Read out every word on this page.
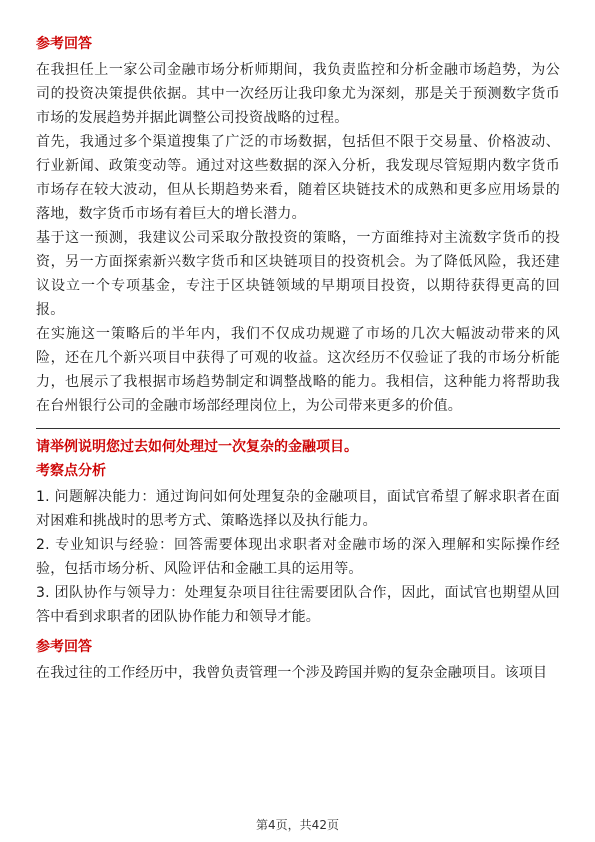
参考回答

在我担任上一家公司金融市场分析师期间，我负责监控和分析金融市场趋势，为公司的投资决策提供依据。其中一次经历让我印象尤为深刻，那是关于预测数字货币市场的发展趋势并据此调整公司投资战略的过程。

首先，我通过多个渠道搜集了广泛的市场数据，包括但不限于交易量、价格波动、行业新闻、政策变动等。通过对这些数据的深入分析，我发现尽管短期内数字货币市场存在较大波动，但从长期趋势来看，随着区块链技术的成熟和更多应用场景的落地，数字货币市场有着巨大的增长潜力。

基于这一预测，我建议公司采取分散投资的策略，一方面维持对主流数字货币的投资，另一方面探索新兴数字货币和区块链项目的投资机会。为了降低风险，我还建议设立一个专项基金，专注于区块链领域的早期项目投资，以期待获得更高的回报。

在实施这一策略后的半年内，我们不仅成功规避了市场的几次大幅波动带来的风险，还在几个新兴项目中获得了可观的收益。这次经历不仅验证了我的市场分析能力，也展示了我根据市场趋势制定和调整战略的能力。我相信，这种能力将帮助我在台州银行公司的金融市场部经理岗位上，为公司带来更多的价值。

请举例说明您过去如何处理过一次复杂的金融项目。
考察点分析

1. 问题解决能力：通过询问如何处理复杂的金融项目，面试官希望了解求职者在面对困难和挑战时的思考方式、策略选择以及执行能力。

2. 专业知识与经验：回答需要体现出求职者对金融市场的深入理解和实际操作经验，包括市场分析、风险评估和金融工具的运用等。

3. 团队协作与领导力：处理复杂项目往往需要团队合作，因此，面试官也期望从回答中看到求职者的团队协作能力和领导才能。

参考回答

在我过往的工作经历中，我曾负责管理一个涉及跨国并购的复杂金融项目。该项目

第4页，共42页
